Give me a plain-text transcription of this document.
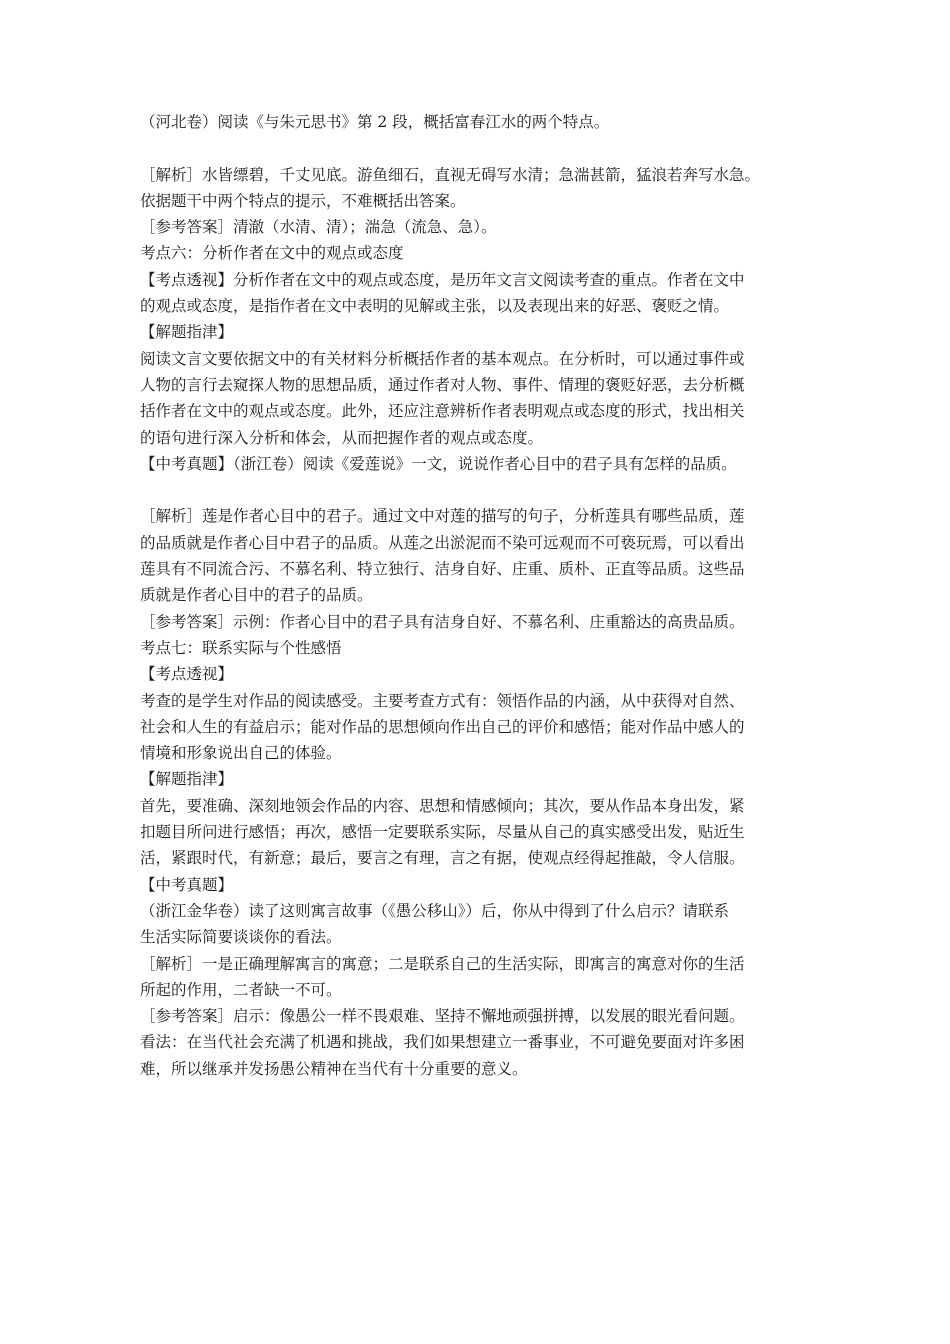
（河北卷）阅读《与朱元思书》第 2 段，概括富春江水的两个特点。
［解析］水皆缥碧，千丈见底。游鱼细石，直视无碍写水清；急湍甚箭，猛浪若奔写水急。
依据题干中两个特点的提示，不难概括出答案。
［参考答案］清澈（水清、清）；湍急（流急、急）。
考点六：分析作者在文中的观点或态度
【考点透视】分析作者在文中的观点或态度，是历年文言文阅读考查的重点。作者在文中
的观点或态度，是指作者在文中表明的见解或主张，以及表现出来的好恶、褒贬之情。
【解题指津】
阅读文言文要依据文中的有关材料分析概括作者的基本观点。在分析时，可以通过事件或
人物的言行去窥探人物的思想品质，通过作者对人物、事件、情理的褒贬好恶，去分析概
括作者在文中的观点或态度。此外，还应注意辨析作者表明观点或态度的形式，找出相关
的语句进行深入分析和体会，从而把握作者的观点或态度。
【中考真题】（浙江卷）阅读《爱莲说》一文，说说作者心目中的君子具有怎样的品质。
［解析］莲是作者心目中的君子。通过文中对莲的描写的句子，分析莲具有哪些品质，莲
的品质就是作者心目中君子的品质。从莲之出淤泥而不染可远观而不可亵玩焉，可以看出
莲具有不同流合污、不慕名利、特立独行、洁身自好、庄重、质朴、正直等品质。这些品
质就是作者心目中的君子的品质。
［参考答案］示例：作者心目中的君子具有洁身自好、不慕名利、庄重豁达的高贵品质。
考点七：联系实际与个性感悟
【考点透视】
考查的是学生对作品的阅读感受。主要考查方式有：领悟作品的内涵，从中获得对自然、
社会和人生的有益启示；能对作品的思想倾向作出自己的评价和感悟；能对作品中感人的
情境和形象说出自己的体验。
【解题指津】
首先，要准确、深刻地领会作品的内容、思想和情感倾向；其次，要从作品本身出发，紧
扣题目所问进行感悟；再次，感悟一定要联系实际，尽量从自己的真实感受出发，贴近生
活，紧跟时代，有新意；最后，要言之有理，言之有据，使观点经得起推敲，令人信服。
【中考真题】
（浙江金华卷）读了这则寓言故事（《愚公移山》）后，你从中得到了什么启示？请联系
生活实际简要谈谈你的看法。
［解析］一是正确理解寓言的寓意；二是联系自己的生活实际，即寓言的寓意对你的生活
所起的作用，二者缺一不可。
［参考答案］启示：像愚公一样不畏艰难、坚持不懈地顽强拼搏，以发展的眼光看问题。
看法：在当代社会充满了机遇和挑战，我们如果想建立一番事业，不可避免要面对许多困
难，所以继承并发扬愚公精神在当代有十分重要的意义。
